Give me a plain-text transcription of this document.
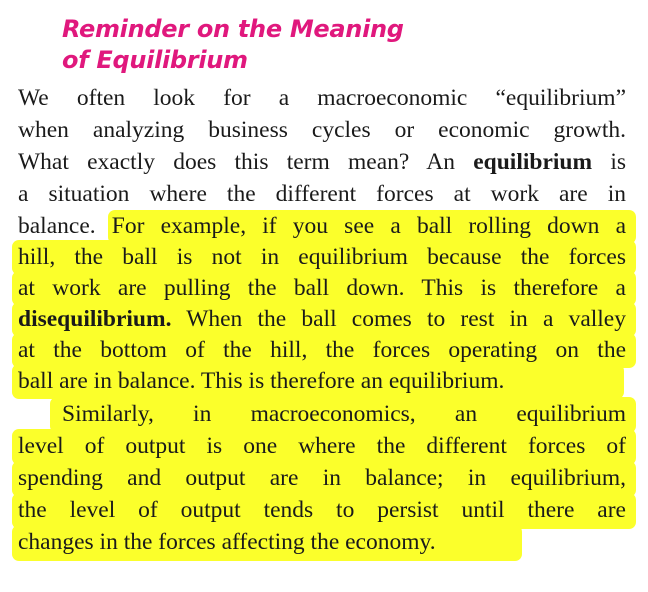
Reminder on the Meaning
of Equilibrium
We often look for a macroeconomic “equilibrium”
when analyzing business cycles or economic growth.
What exactly does this term mean? An equilibrium is
a situation where the different forces at work are in
balance. For example, if you see a ball rolling down a
hill, the ball is not in equilibrium because the forces
at work are pulling the ball down. This is therefore a
disequilibrium. When the ball comes to rest in a valley
at the bottom of the hill, the forces operating on the
ball are in balance. This is therefore an equilibrium.
Similarly, in macroeconomics, an equilibrium
level of output is one where the different forces of
spending and output are in balance; in equilibrium,
the level of output tends to persist until there are
changes in the forces affecting the economy.
